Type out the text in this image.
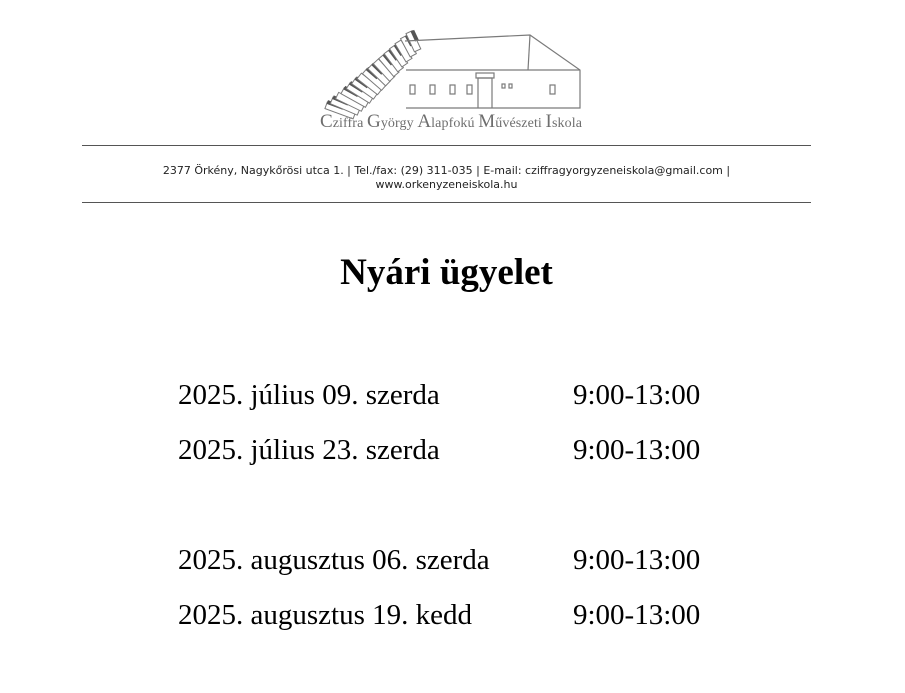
Cziffra György Alapfokú Művészeti Iskola
2377 Örkény, Nagykőrösi utca 1. | Tel./fax: (29) 311-035 | E-mail: cziffragyorgyzeneiskola@gmail.com |
www.orkenyzeneiskola.hu
Nyári ügyelet
2025. július 09. szerda	9:00-13:00
2025. július 23. szerda	9:00-13:00
2025. augusztus 06. szerda	9:00-13:00
2025. augusztus 19. kedd	9:00-13:00
